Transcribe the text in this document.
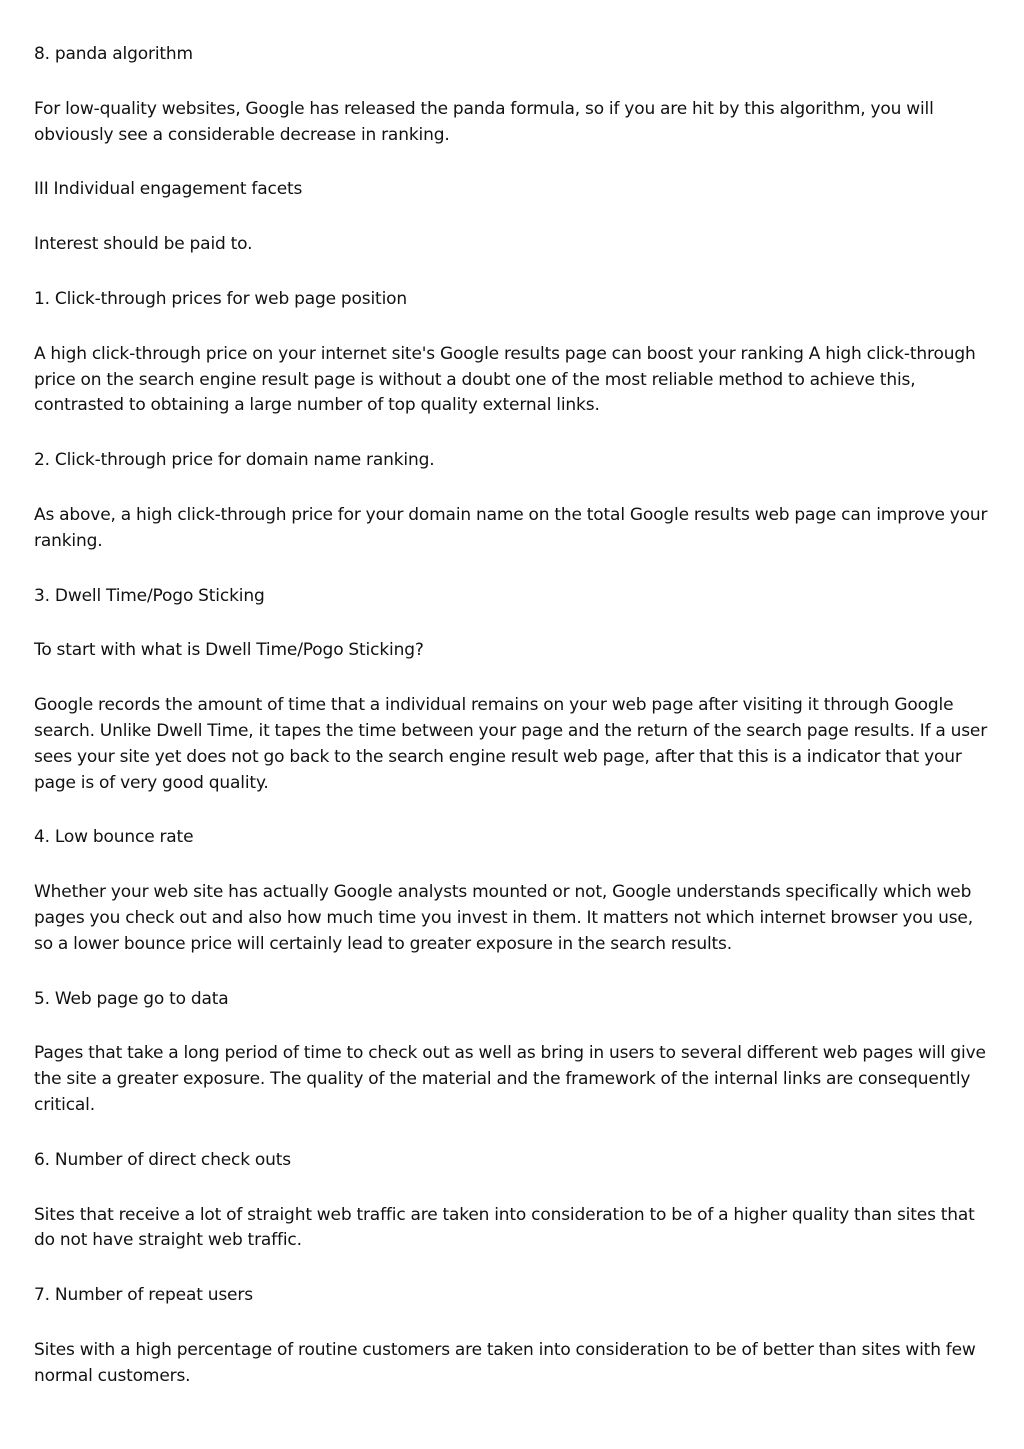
8. panda algorithm

For low-quality websites, Google has released the panda formula, so if you are hit by this algorithm, you will obviously see a considerable decrease in ranking.

III Individual engagement facets

Interest should be paid to.

1. Click-through prices for web page position

A high click-through price on your internet site's Google results page can boost your ranking A high click-through price on the search engine result page is without a doubt one of the most reliable method to achieve this, contrasted to obtaining a large number of top quality external links.

2. Click-through price for domain name ranking.

As above, a high click-through price for your domain name on the total Google results web page can improve your ranking.

3. Dwell Time/Pogo Sticking

To start with what is Dwell Time/Pogo Sticking?

Google records the amount of time that a individual remains on your web page after visiting it through Google search. Unlike Dwell Time, it tapes the time between your page and the return of the search page results. If a user sees your site yet does not go back to the search engine result web page, after that this is a indicator that your page is of very good quality.

4. Low bounce rate

Whether your web site has actually Google analysts mounted or not, Google understands specifically which web pages you check out and also how much time you invest in them. It matters not which internet browser you use, so a lower bounce price will certainly lead to greater exposure in the search results.

5. Web page go to data

Pages that take a long period of time to check out as well as bring in users to several different web pages will give the site a greater exposure. The quality of the material and the framework of the internal links are consequently critical.

6. Number of direct check outs

Sites that receive a lot of straight web traffic are taken into consideration to be of a higher quality than sites that do not have straight web traffic.

7. Number of repeat users

Sites with a high percentage of routine customers are taken into consideration to be of better than sites with few normal customers.
